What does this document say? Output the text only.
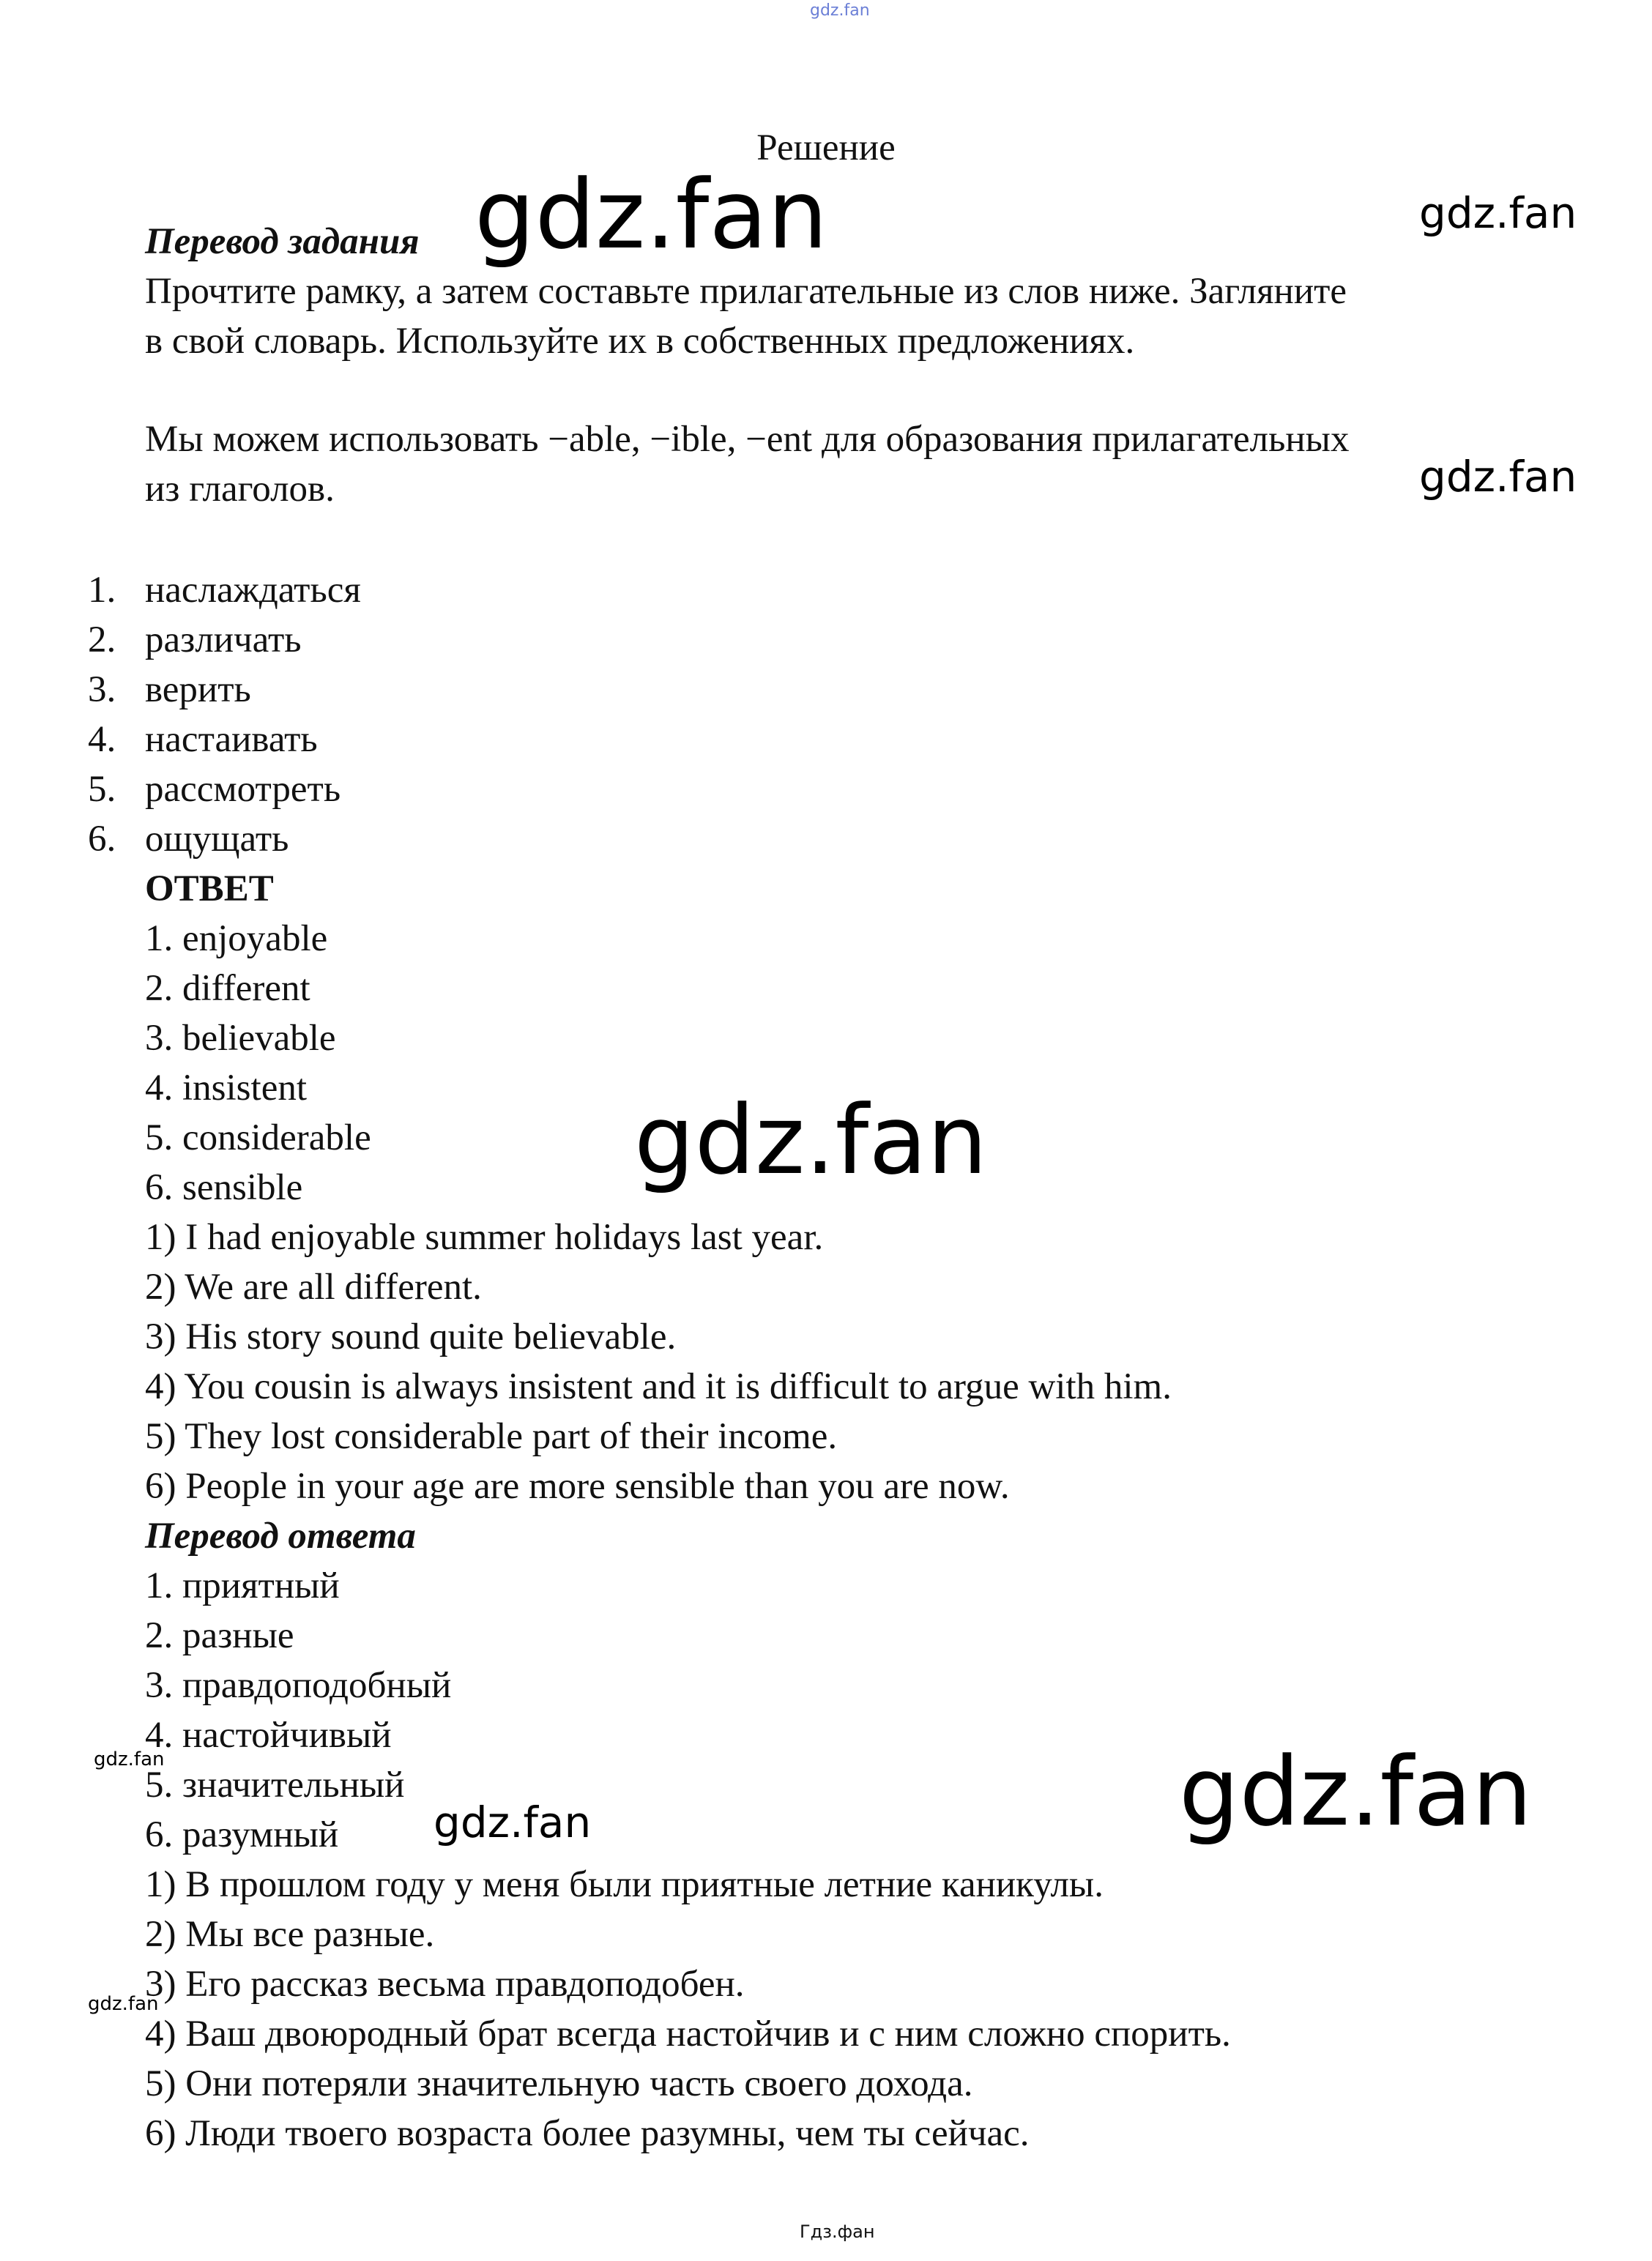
gdz.fan
gdz.fan	gdz.fan
gdz.fan
gdz.fan
gdz.fan	gdz.fan
gdz.fan
gdz.fan
Решение
Перевод задания
Прочтите рамку, а затем составьте прилагательные из слов ниже. Загляните
в свой словарь. Используйте их в собственных предложениях.
Мы можем использовать −able, −ible, −ent для образования прилагательных
из глаголов.
1. наслаждаться
2. различать
3. верить
4. настаивать
5. рассмотреть
6. ощущать
ОТВЕТ
1. enjoyable
2. different
3. believable
4. insistent
5. considerable
6. sensible
1) I had enjoyable summer holidays last year.
2) We are all different.
3) His story sound quite believable.
4) You cousin is always insistent and it is difficult to argue with him.
5) They lost considerable part of their income.
6) People in your age are more sensible than you are now.
Перевод ответа
1. приятный
2. разные
3. правдоподобный
4. настойчивый
5. значительный
6. разумный
1) В прошлом году у меня были приятные летние каникулы.
2) Мы все разные.
3) Его рассказ весьма правдоподобен.
4) Ваш двоюродный брат всегда настойчив и с ним сложно спорить.
5) Они потеряли значительную часть своего дохода.
6) Люди твоего возраста более разумны, чем ты сейчас.
Гдз.фан
